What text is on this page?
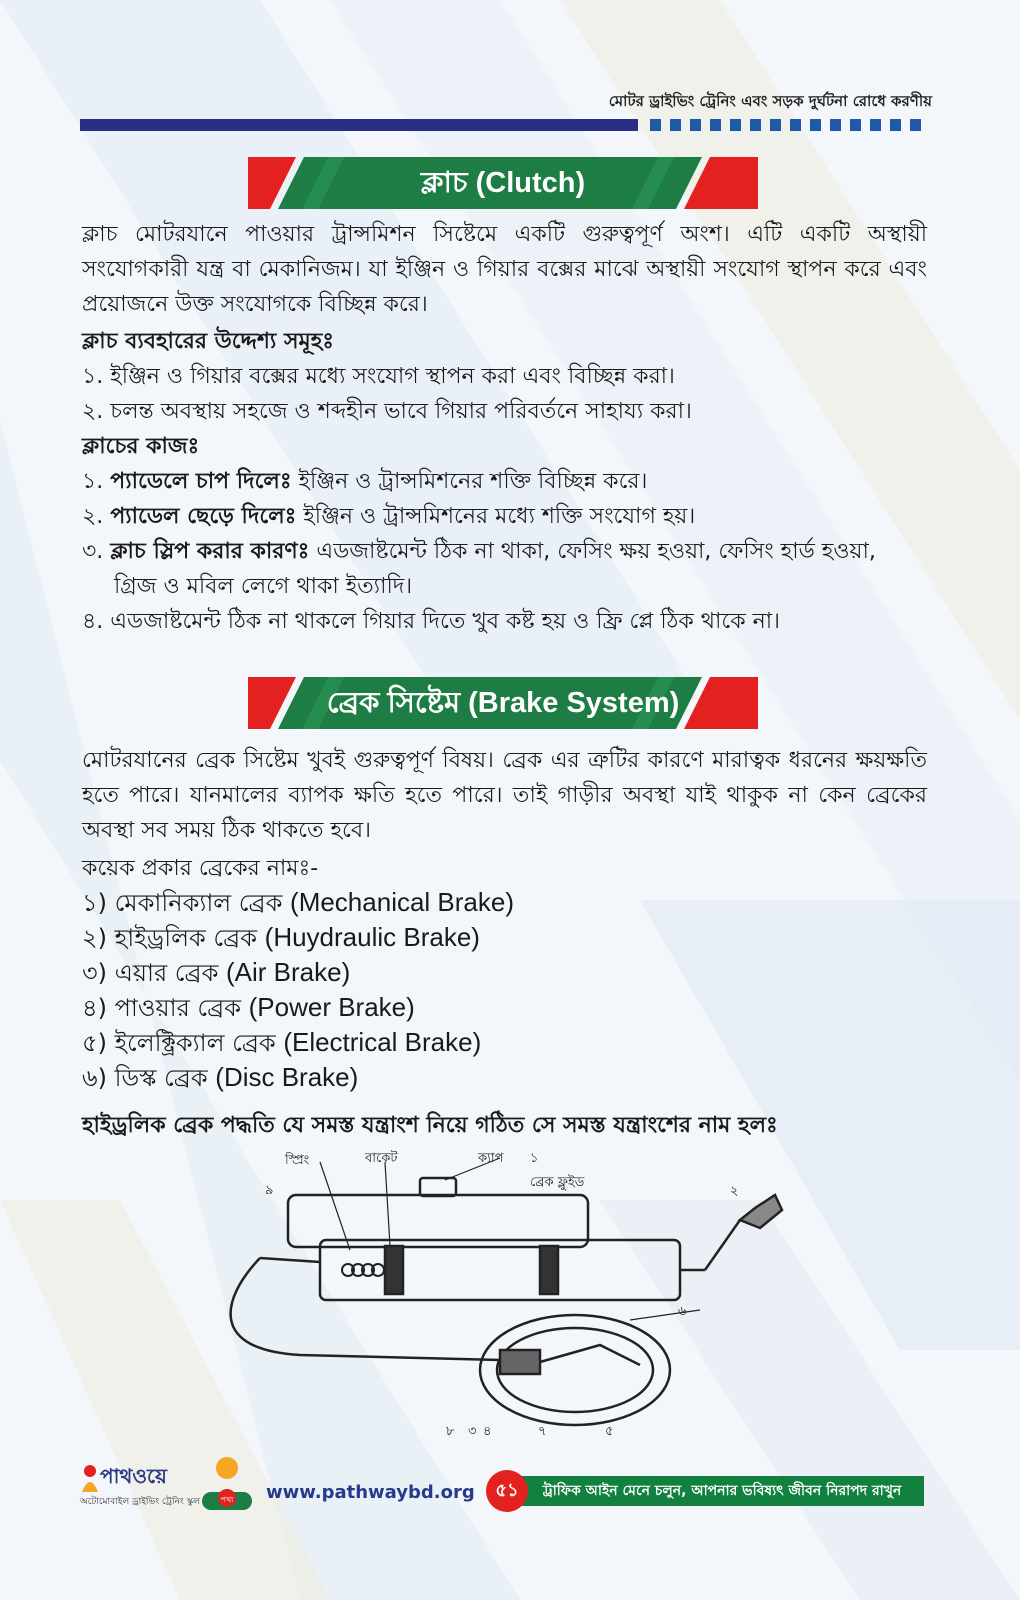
মোটর ড্রাইভিং ট্রেনিং এবং সড়ক দুর্ঘটনা রোধে করণীয়
ক্লাচ (Clutch)
ক্লাচ মোটরযানে পাওয়ার ট্রান্সমিশন সিষ্টেমে একটি গুরুত্বপূর্ণ অংশ। এটি একটি অস্থায়ী সংযোগকারী যন্ত্র বা মেকানিজম। যা ইঞ্জিন ও গিয়ার বক্সের মাঝে অস্থায়ী সংযোগ স্থাপন করে এবং প্রয়োজনে উক্ত সংযোগকে বিচ্ছিন্ন করে।
ক্লাচ ব্যবহারের উদ্দেশ্য সমূহঃ
১. ইঞ্জিন ও গিয়ার বক্সের মধ্যে সংযোগ স্থাপন করা এবং বিচ্ছিন্ন করা।
২. চলন্ত অবস্থায় সহজে ও শব্দহীন ভাবে গিয়ার পরিবর্তনে সাহায্য করা।
ক্লাচের কাজঃ
১. প্যাডেলে চাপ দিলেঃ ইঞ্জিন ও ট্রান্সমিশনের শক্তি বিচ্ছিন্ন করে।
২. প্যাডেল ছেড়ে দিলেঃ ইঞ্জিন ও ট্রান্সমিশনের মধ্যে শক্তি সংযোগ হয়।
৩. ক্লাচ স্লিপ করার কারণঃ এডজাষ্টমেন্ট ঠিক না থাকা, ফেসিং ক্ষয় হওয়া, ফেসিং হার্ড হওয়া,
গ্রিজ ও মবিল লেগে থাকা ইত্যাদি।
৪. এডজাষ্টমেন্ট ঠিক না থাকলে গিয়ার দিতে খুব কষ্ট হয় ও ফ্রি প্লে ঠিক থাকে না।
ব্রেক সিষ্টেম (Brake System)
মোটরযানের ব্রেক সিষ্টেম খুবই গুরুত্বপূর্ণ বিষয়। ব্রেক এর ত্রুটির কারণে মারাত্বক ধরনের ক্ষয়ক্ষতি হতে পারে। যানমালের ব্যাপক ক্ষতি হতে পারে। তাই গাড়ীর অবস্থা যাই থাকুক না কেন ব্রেকের অবস্থা সব সময় ঠিক থাকতে হবে।
কয়েক প্রকার ব্রেকের নামঃ-
১) মেকানিক্যাল ব্রেক (Mechanical Brake)
২) হাইড্রলিক ব্রেক (Huydraulic Brake)
৩) এয়ার ব্রেক (Air Brake)
৪) পাওয়ার ব্রেক (Power Brake)
৫) ইলেক্ট্রিক্যাল ব্রেক (Electrical Brake)
৬) ডিস্ক ব্রেক (Disc Brake)
হাইড্রলিক ব্রেক পদ্ধতি যে সমস্ত যন্ত্রাংশ নিয়ে গঠিত সে সমস্ত যন্ত্রাংশের নাম হলঃ
স্প্রিং	বাকেট	ক্যাপ ১
ব্রেক ফ্লুইড
৯	২
৬
৮ ৩ ৪	৭	৫
পাথওয়ে
অটোমোবাইল ড্রাইভিং ট্রেনিং স্কুল	পথ্য www.pathwaybd.org	ট্রাফিক আইন মেনে চলুন, আপনার ভবিষ্যৎ জীবন নিরাপদ রাখুন
৫১
